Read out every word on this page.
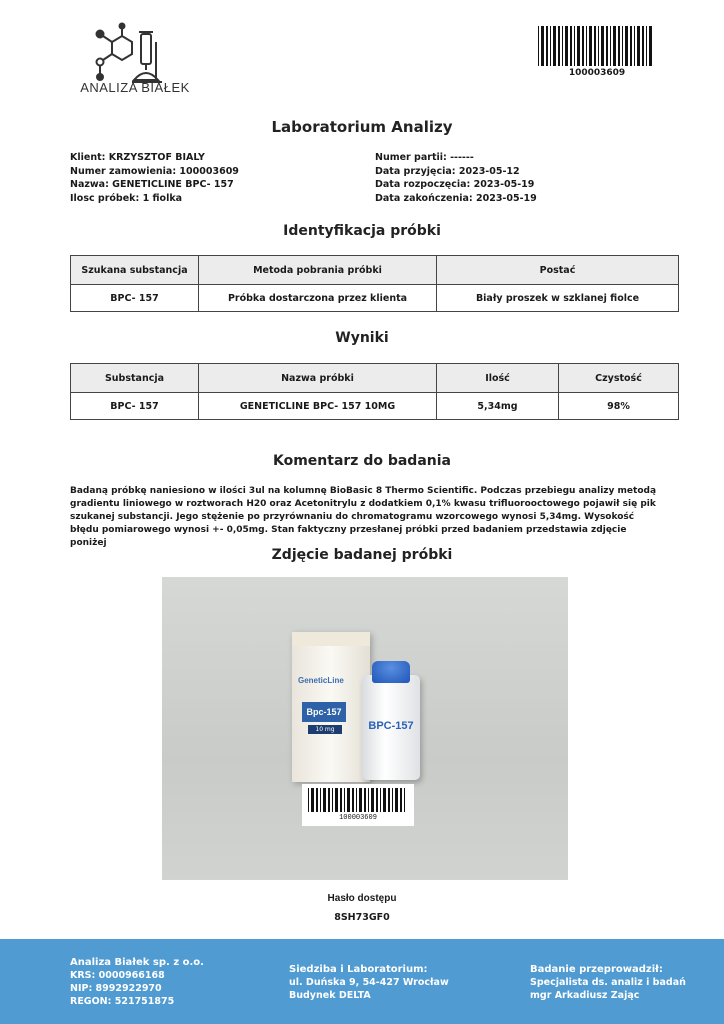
ANALIZA BIAŁEK
100003609
Laboratorium Analizy
Klient: KRZYSZTOF BIALY
Numer zamowienia: 100003609
Nazwa: GENETICLINE BPC- 157
Ilosc próbek: 1 fiolka
Numer partii: ------
Data przyjęcia: 2023-05-12
Data rozpoczęcia: 2023-05-19
Data zakończenia: 2023-05-19
Identyfikacja próbki
Szukana substancja	Metoda pobrania próbki	Postać
BPC- 157	Próbka dostarczona przez klienta	Biały proszek w szklanej fiolce
Wyniki
Substancja	Nazwa próbki	Ilość	Czystość
BPC- 157	GENETICLINE BPC- 157 10MG	5,34mg	98%
Komentarz do badania
Badaną próbkę naniesiono w ilości 3ul na kolumnę BioBasic 8 Thermo Scientific. Podczas przebiegu analizy metodą
gradientu liniowego w roztworach H20 oraz Acetonitrylu z dodatkiem 0,1% kwasu trifluorooctowego pojawił się pik
szukanej substancji. Jego stężenie po przyrównaniu do chromatogramu wzorcowego wynosi 5,34mg. Wysokość
błędu pomiarowego wynosi +- 0,05mg. Stan faktyczny przesłanej próbki przed badaniem przedstawia zdjęcie poniżej
Zdjęcie badanej próbki
GeneticLine
Bpc-157
10 mg	BPC-157
100003609
Hasło dostępu
8SH73GF0
Analiza Białek sp. z o.o.
KRS: 0000966168
NIP: 8992922970
REGON: 521751875
Siedziba i Laboratorium:
ul. Duńska 9, 54-427 Wrocław
Budynek DELTA
Badanie przeprowadził:
Specjalista ds. analiz i badań
mgr Arkadiusz Zając
